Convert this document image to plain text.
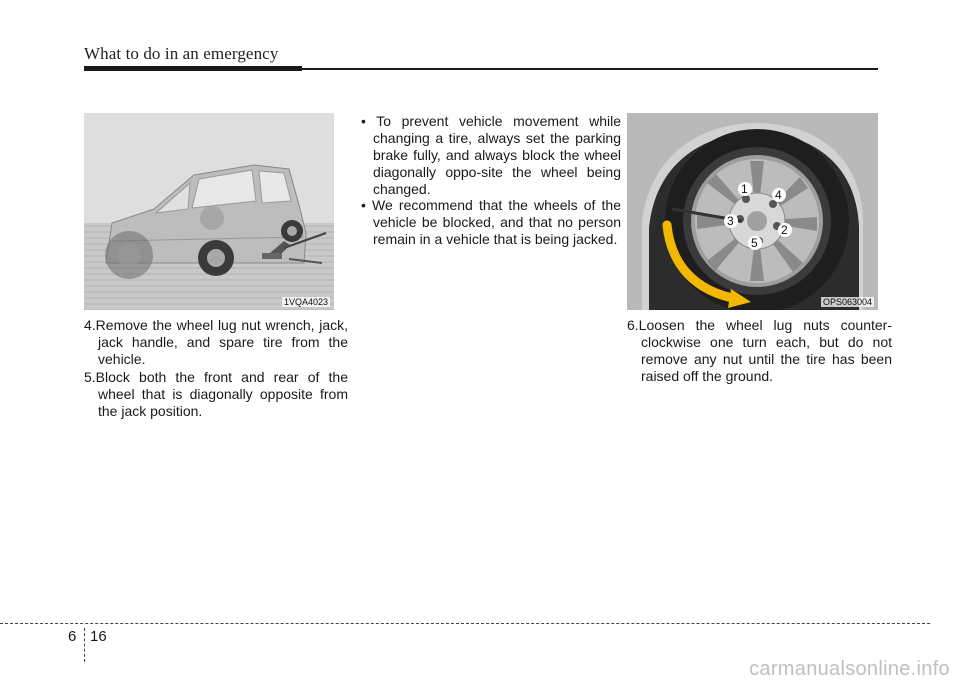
What to do in an emergency
1VQA4023
1
2
3
4
5
OPS063004
4.Remove the wheel lug nut wrench, jack, jack handle, and spare tire from the vehicle.
5.Block both the front and rear of the wheel that is diagonally opposite from the jack position.
• To prevent vehicle movement while changing a tire, always set the parking brake fully, and always block the wheel diagonally oppo-site the wheel being changed.
• We recommend that the wheels of the vehicle be blocked, and that no person remain in a vehicle that is being jacked.
6.Loosen the wheel lug nuts counter-clockwise one turn each, but do not remove any nut until the tire has been raised off the ground.
6 16
carmanualsonline.info
